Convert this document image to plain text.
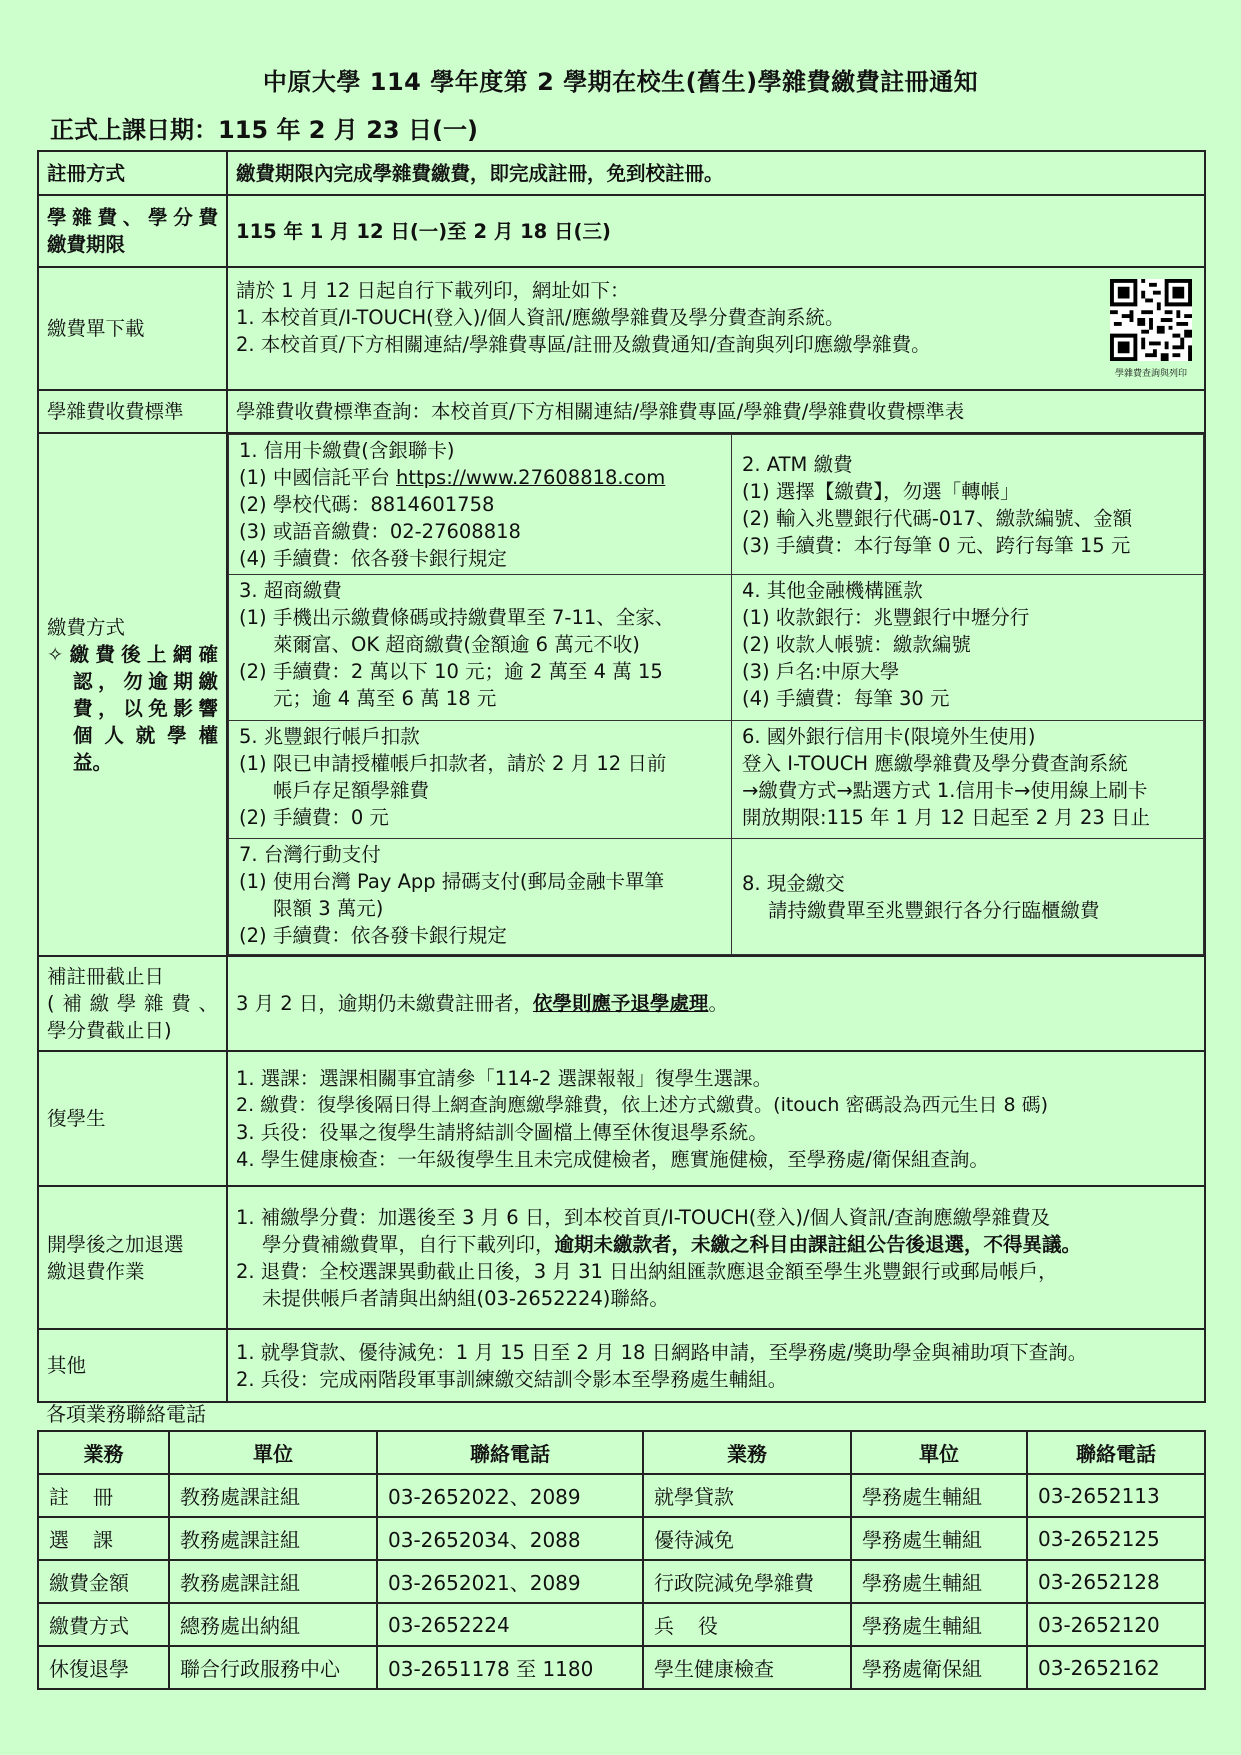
中原大學 114 學年度第 2 學期在校生(舊生)學雜費繳費註冊通知
正式上課日期：115 年 2 月 23 日(一)
註冊方式	繳費期限內完成學雜費繳費，即完成註冊，免到校註冊。

學雜費、學分費
繳費期限
	115 年 1 月 12 日(一)至 2 月 18 日(三)
繳費單下載	
學雜費查詢與列印
請於 1 月 12 日起自行下載列印，網址如下：
1. 本校首頁/I-TOUCH(登入)/個人資訊/應繳學雜費及學分費查詢系統。
2. 本校首頁/下方相關連結/學雜費專區/註冊及繳費通知/查詢與列印應繳學雜費。

學雜費收費標準	學雜費收費標準查詢：本校首頁/下方相關連結/學雜費專區/學雜費/學雜費收費標準表

繳費方式
✧繳費後上網確
認，勿逾期繳
費，以免影響
個人就學權
益。

1. 信用卡繳費(含銀聯卡)
(1) 中國信託平台 https://www.27608818.com
(2) 學校代碼：8814601758
(3) 或語音繳費：02-27608818
(4) 手續費：依各發卡銀行規定

2. ATM 繳費
(1) 選擇【繳費】，勿選「轉帳」
(2) 輸入兆豐銀行代碼-017、繳款編號、金額
(3) 手續費：本行每筆 0 元、跨行每筆 15 元

3. 超商繳費
(1) 手機出示繳費條碼或持繳費單至 7-11、全家、
萊爾富、OK 超商繳費(金額逾 6 萬元不收)
(2) 手續費：2 萬以下 10 元；逾 2 萬至 4 萬 15
元；逾 4 萬至 6 萬 18 元

4. 其他金融機構匯款
(1) 收款銀行：兆豐銀行中壢分行
(2) 收款人帳號：繳款編號
(3) 戶名:中原大學
(4) 手續費：每筆 30 元

5. 兆豐銀行帳戶扣款
(1) 限已申請授權帳戶扣款者，請於 2 月 12 日前
帳戶存足額學雜費
(2) 手續費：0 元

6. 國外銀行信用卡(限境外生使用)
登入 I-TOUCH 應繳學雜費及學分費查詢系統
→繳費方式→點選方式 1.信用卡→使用線上刷卡
開放期限:115 年 1 月 12 日起至 2 月 23 日止

7. 台灣行動支付
(1) 使用台灣 Pay App 掃碼支付(郵局金融卡單筆
限額 3 萬元)
(2) 手續費：依各發卡銀行規定

8. 現金繳交
請持繳費單至兆豐銀行各分行臨櫃繳費

補註冊截止日
(補繳學雜費、
學分費截止日)
	3 月 2 日，逾期仍未繳費註冊者，依學則應予退學處理。
復學生	
1. 選課：選課相關事宜請參「114-2 選課報報」復學生選課。
2. 繳費：復學後隔日得上網查詢應繳學雜費，依上述方式繳費。(itouch 密碼設為西元生日 8 碼)
3. 兵役：役畢之復學生請將結訓令圖檔上傳至休復退學系統。
4. 學生健康檢查：一年級復學生且未完成健檢者，應實施健檢，至學務處/衛保組查詢。

開學後之加退選
繳退費作業

1. 補繳學分費：加選後至 3 月 6 日，到本校首頁/I-TOUCH(登入)/個人資訊/查詢應繳學雜費及
學分費補繳費單，自行下載列印，逾期未繳款者，未繳之科目由課註組公告後退選，不得異議。
2. 退費：全校選課異動截止日後，3 月 31 日出納組匯款應退金額至學生兆豐銀行或郵局帳戶，
未提供帳戶者請與出納組(03-2652224)聯絡。

其他	
1. 就學貸款、優待減免：1 月 15 日至 2 月 18 日網路申請，至學務處/獎助學金與補助項下查詢。
2. 兵役：完成兩階段軍事訓練繳交結訓令影本至學務處生輔組。
各項業務聯絡電話
業務	單位	聯絡電話	業務	單位	聯絡電話
註冊	教務處課註組	03-2652022、2089	就學貸款	學務處生輔組	03-2652113
選課	教務處課註組	03-2652034、2088	優待減免	學務處生輔組	03-2652125
繳費金額	教務處課註組	03-2652021、2089	行政院減免學雜費	學務處生輔組	03-2652128
繳費方式	總務處出納組	03-2652224	兵役	學務處生輔組	03-2652120
休復退學	聯合行政服務中心	03-2651178 至 1180	學生健康檢查	學務處衛保組	03-2652162
